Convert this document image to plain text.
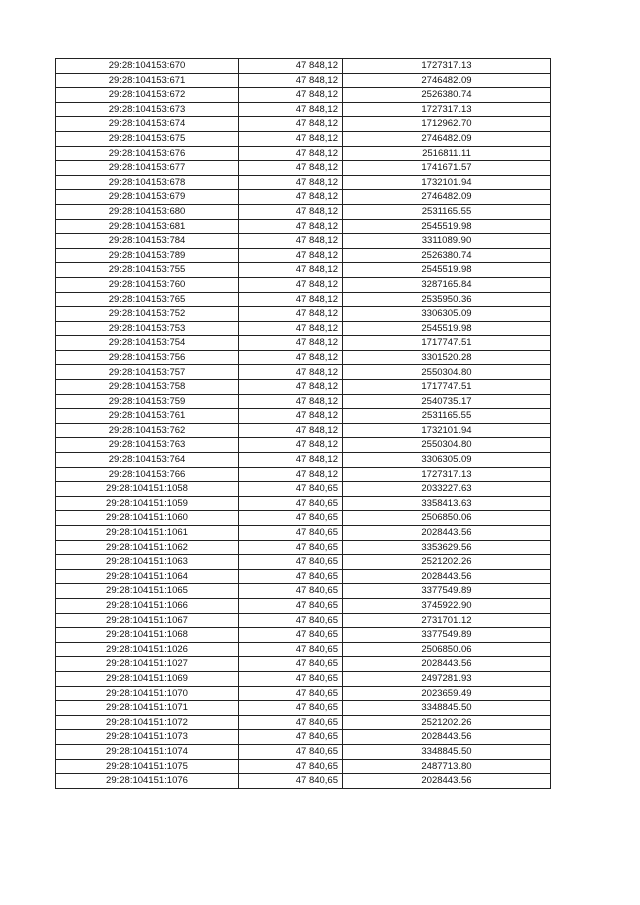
29:28:104153:670	47 848,12	1727317.13
29:28:104153:671	47 848,12	2746482.09
29:28:104153:672	47 848,12	2526380.74
29:28:104153:673	47 848,12	1727317.13
29:28:104153:674	47 848,12	1712962.70
29:28:104153:675	47 848,12	2746482.09
29:28:104153:676	47 848,12	2516811.11
29:28:104153:677	47 848,12	1741671.57
29:28:104153:678	47 848,12	1732101.94
29:28:104153:679	47 848,12	2746482.09
29:28:104153:680	47 848,12	2531165.55
29:28:104153:681	47 848,12	2545519.98
29:28:104153:784	47 848,12	3311089.90
29:28:104153:789	47 848,12	2526380.74
29:28:104153:755	47 848,12	2545519.98
29:28:104153:760	47 848,12	3287165.84
29:28:104153:765	47 848,12	2535950.36
29:28:104153:752	47 848,12	3306305.09
29:28:104153:753	47 848,12	2545519.98
29:28:104153:754	47 848,12	1717747.51
29:28:104153:756	47 848,12	3301520.28
29:28:104153:757	47 848,12	2550304.80
29:28:104153:758	47 848,12	1717747.51
29:28:104153:759	47 848,12	2540735.17
29:28:104153:761	47 848,12	2531165.55
29:28:104153:762	47 848,12	1732101.94
29:28:104153:763	47 848,12	2550304.80
29:28:104153:764	47 848,12	3306305.09
29:28:104153:766	47 848,12	1727317.13
29:28:104151:1058	47 840,65	2033227.63
29:28:104151:1059	47 840,65	3358413.63
29:28:104151:1060	47 840,65	2506850.06
29:28:104151:1061	47 840,65	2028443.56
29:28:104151:1062	47 840,65	3353629.56
29:28:104151:1063	47 840,65	2521202.26
29:28:104151:1064	47 840,65	2028443.56
29:28:104151:1065	47 840,65	3377549.89
29:28:104151:1066	47 840,65	3745922.90
29:28:104151:1067	47 840,65	2731701.12
29:28:104151:1068	47 840,65	3377549.89
29:28:104151:1026	47 840,65	2506850.06
29:28:104151:1027	47 840,65	2028443.56
29:28:104151:1069	47 840,65	2497281.93
29:28:104151:1070	47 840,65	2023659.49
29:28:104151:1071	47 840,65	3348845.50
29:28:104151:1072	47 840,65	2521202.26
29:28:104151:1073	47 840,65	2028443.56
29:28:104151:1074	47 840,65	3348845.50
29:28:104151:1075	47 840,65	2487713.80
29:28:104151:1076	47 840,65	2028443.56
